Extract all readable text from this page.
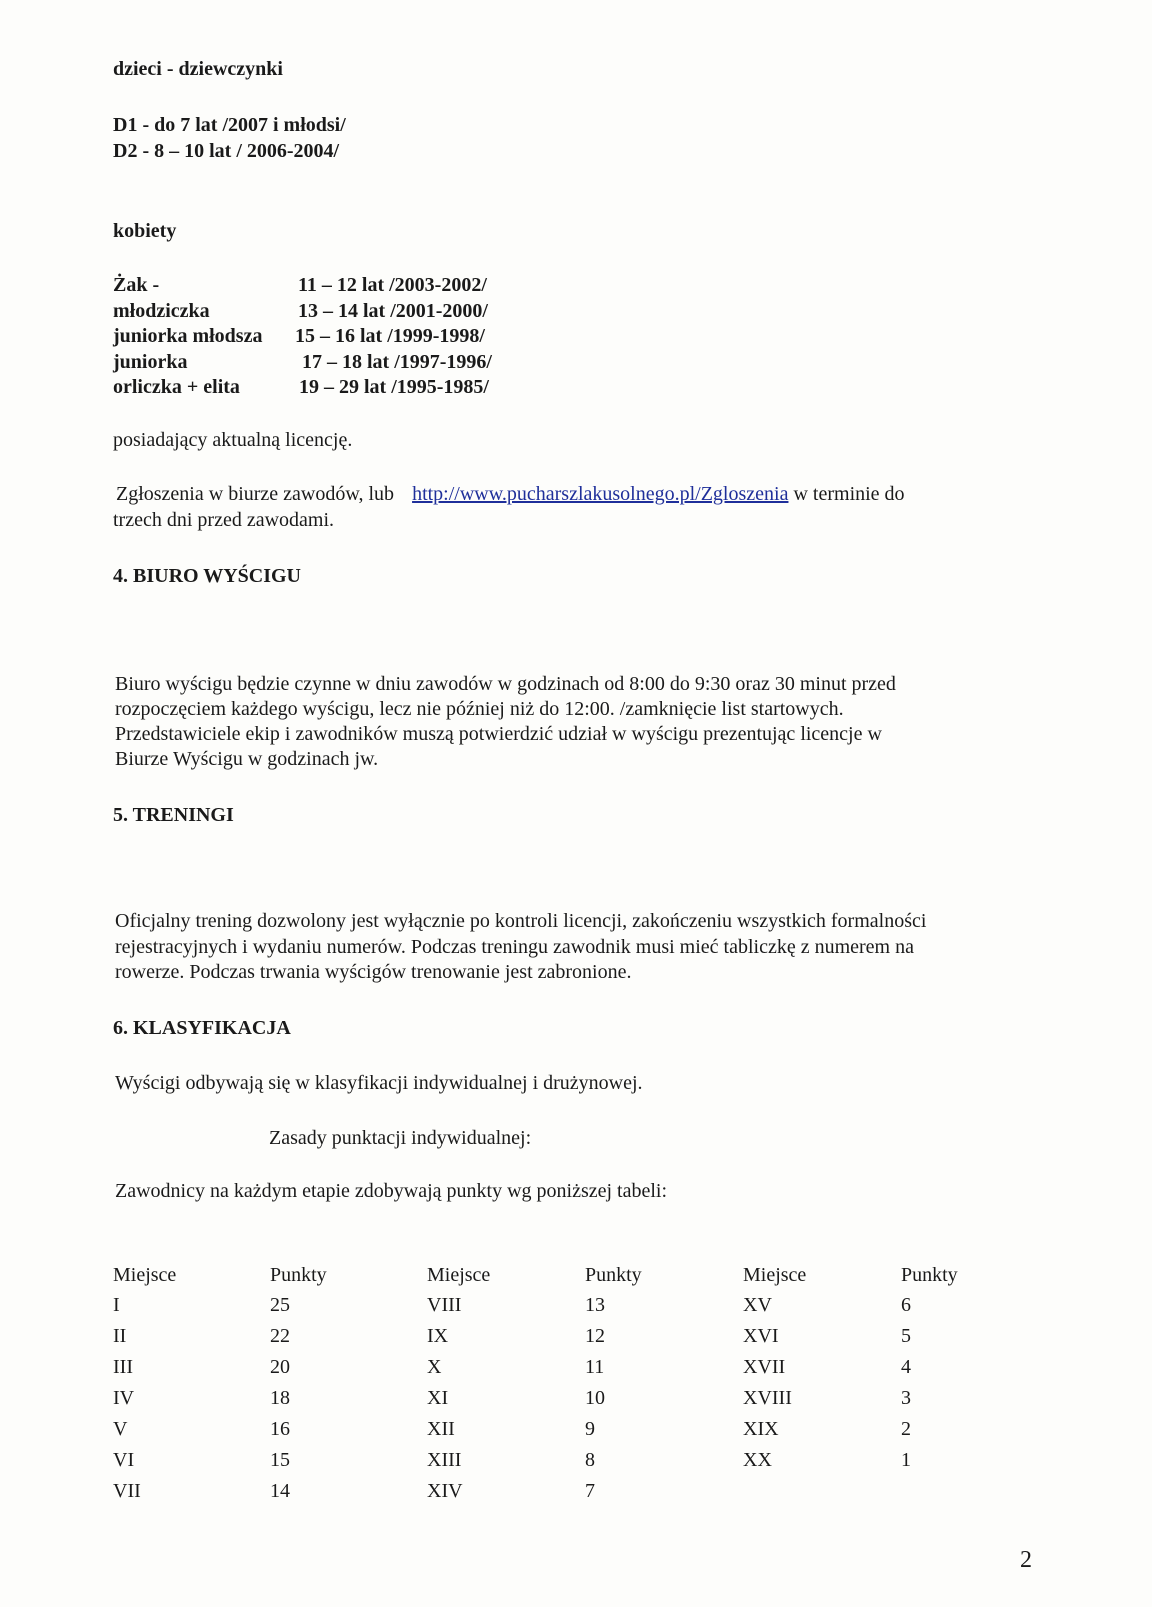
dzieci - dziewczynki
D1 - do 7 lat /2007 i młodsi/
D2 - 8 – 10 lat / 2006-2004/
kobiety
Żak -	11 – 12 lat /2003-2002/
młodziczka	13 – 14 lat /2001-2000/
juniorka młodsza 15 – 16 lat /1999-1998/
juniorka	17 – 18 lat /1997-1996/
orliczka + elita	19 – 29 lat /1995-1985/
posiadający aktualną licencję.
Zgłoszenia w biurze zawodów, lub http://www.pucharszlakusolnego.pl/Zgloszenia w terminie do
trzech dni przed zawodami.
4. BIURO WYŚCIGU
Biuro wyścigu będzie czynne w dniu zawodów w godzinach od 8:00 do 9:30 oraz 30 minut przed
rozpoczęciem każdego wyścigu, lecz nie później niż do 12:00. /zamknięcie list startowych.
Przedstawiciele ekip i zawodników muszą potwierdzić udział w wyścigu prezentując licencje w
Biurze Wyścigu w godzinach jw.
5. TRENINGI
Oficjalny trening dozwolony jest wyłącznie po kontroli licencji, zakończeniu wszystkich formalności
rejestracyjnych i wydaniu numerów. Podczas treningu zawodnik musi mieć tabliczkę z numerem na
rowerze. Podczas trwania wyścigów trenowanie jest zabronione.
6. KLASYFIKACJA
Wyścigi odbywają się w klasyfikacji indywidualnej i drużynowej.
Zasady punktacji indywidualnej:
Zawodnicy na każdym etapie zdobywają punkty wg poniższej tabeli:
Miejsce	Punkty	Miejsce	Punkty	Miejsce	Punkty
I	25	VIII	13	XV	6
II	22	IX	12	XVI	5
III	20	X	11	XVII	4
IV	18	XI	10	XVIII	3
V	16	XII	9	XIX	2
VI	15	XIII	8	XX	1
VII	14	XIV	7		
2
